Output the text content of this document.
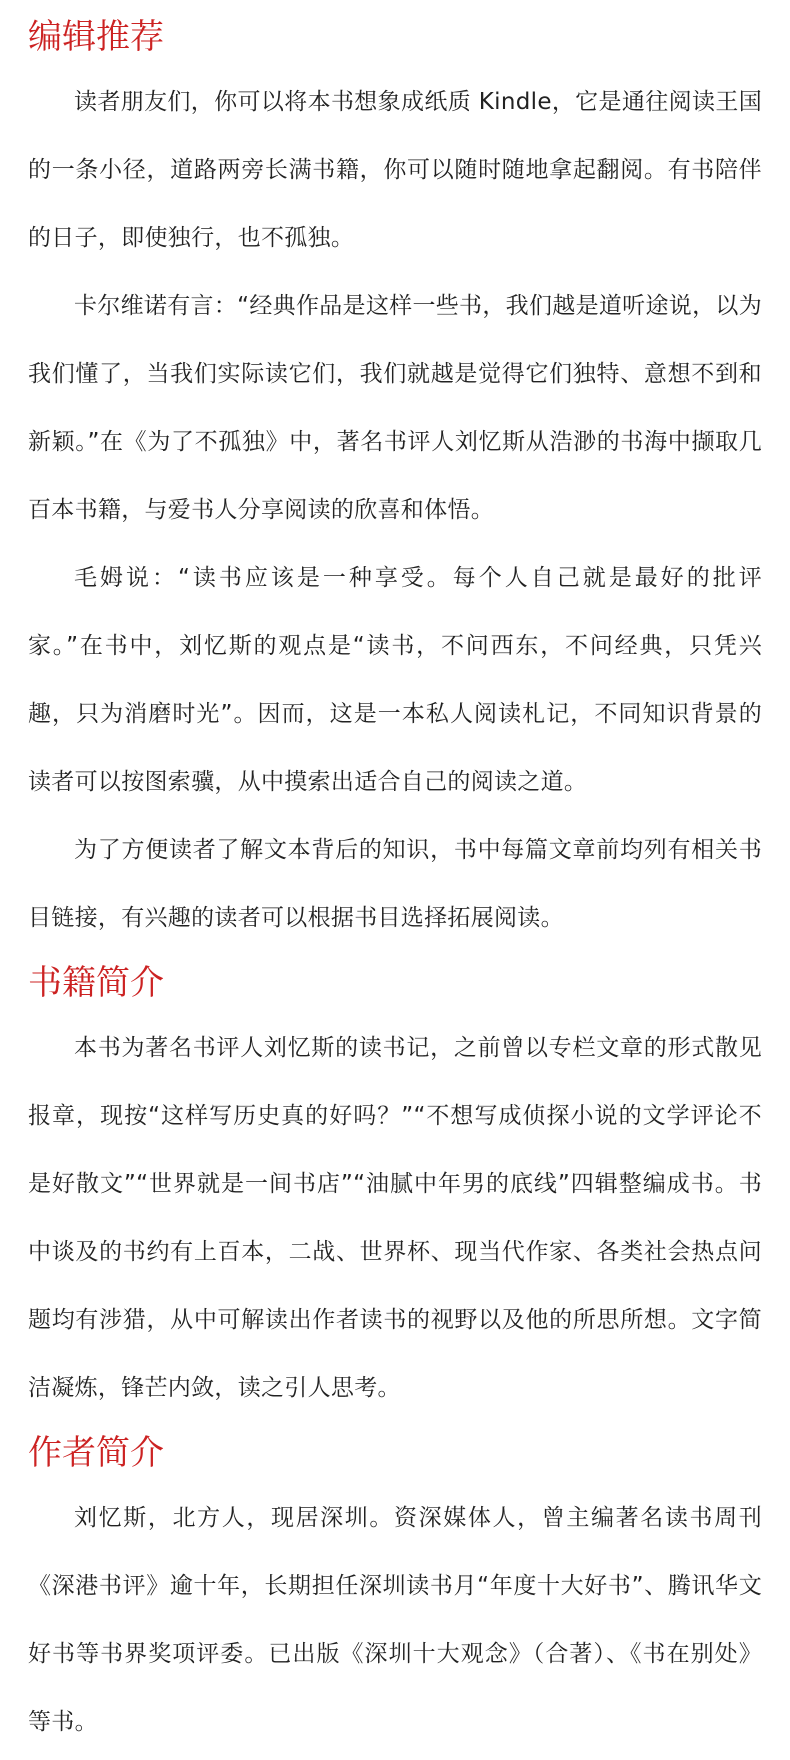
编辑推荐

读者朋友们，你可以将本书想象成纸质 Kindle，它是通往阅读王国的一条小径，道路两旁长满书籍，你可以随时随地拿起翻阅。有书陪伴的日子，即使独行，也不孤独。

卡尔维诺有言：“经典作品是这样一些书，我们越是道听途说，以为我们懂了，当我们实际读它们，我们就越是觉得它们独特、意想不到和新颖。”在《为了不孤独》中，著名书评人刘忆斯从浩渺的书海中撷取几百本书籍，与爱书人分享阅读的欣喜和体悟。

毛姆说：“读书应该是一种享受。每个人自己就是最好的批评家。”在书中，刘忆斯的观点是“读书，不问西东，不问经典，只凭兴趣，只为消磨时光”。因而，这是一本私人阅读札记，不同知识背景的读者可以按图索骥，从中摸索出适合自己的阅读之道。

为了方便读者了解文本背后的知识，书中每篇文章前均列有相关书目链接，有兴趣的读者可以根据书目选择拓展阅读。

书籍简介

本书为著名书评人刘忆斯的读书记，之前曾以专栏文章的形式散见报章，现按“这样写历史真的好吗？”“不想写成侦探小说的文学评论不是好散文”“世界就是一间书店”“油腻中年男的底线”四辑整编成书。书中谈及的书约有上百本，二战、世界杯、现当代作家、各类社会热点问题均有涉猎，从中可解读出作者读书的视野以及他的所思所想。文字简洁凝炼，锋芒内敛，读之引人思考。

作者简介

刘忆斯，北方人，现居深圳。资深媒体人，曾主编著名读书周刊《深港书评》逾十年，长期担任深圳读书月“年度十大好书”、腾讯华文好书等书界奖项评委。已出版《深圳十大观念》（合著）、《书在别处》等书。
